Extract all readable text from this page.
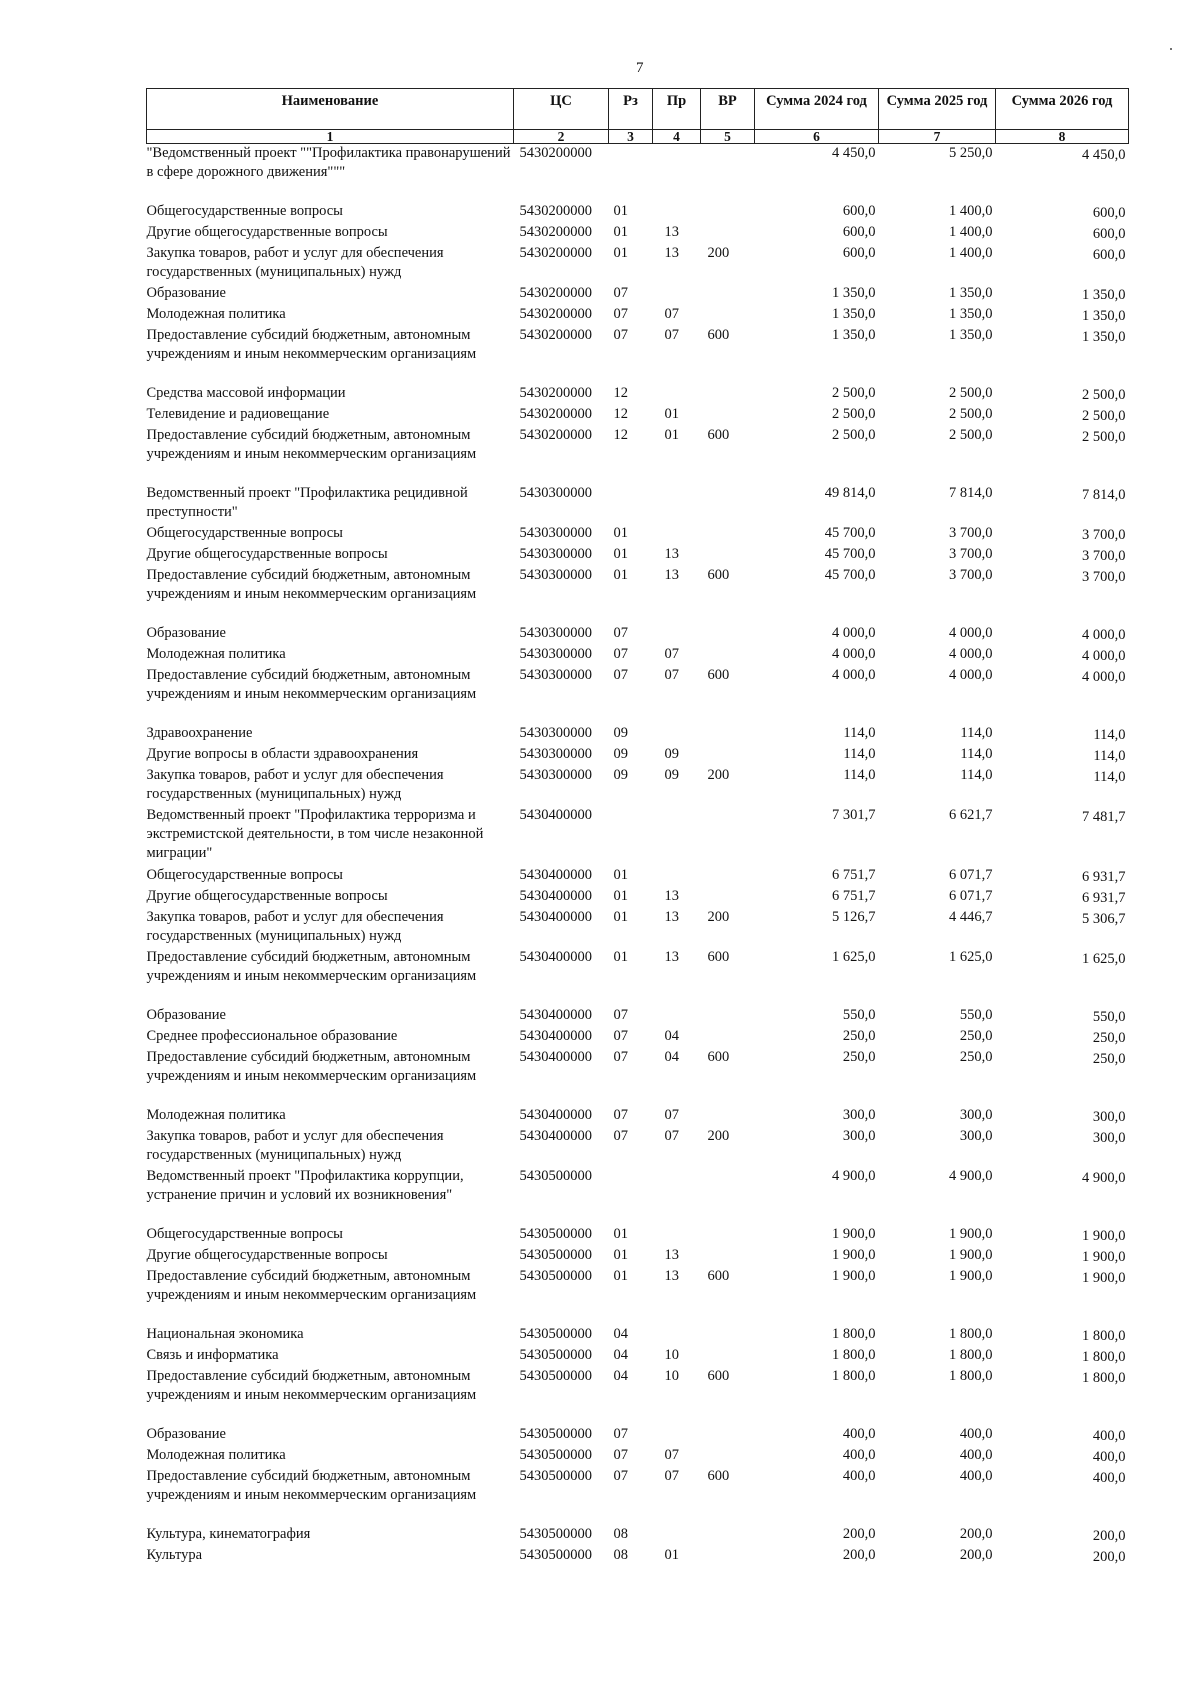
7
Наименование	ЦС	Рз	Пр	ВР	Сумма 2024 год	Сумма 2025 год	Сумма 2026 год
1	2	3	4	5	6	7	8
"Ведомственный проект ""Профилактика правонарушений в сфере дорожного движения"""	5430200000				4 450,0	5 250,0	4 450,0
Общегосударственные вопросы	5430200000	01			600,0	1 400,0	600,0
Другие общегосударственные вопросы	5430200000	01	13		600,0	1 400,0	600,0
Закупка товаров, работ и услуг для обеспечения государственных (муниципальных) нужд	5430200000	01	13	200	600,0	1 400,0	600,0
Образование	5430200000	07			1 350,0	1 350,0	1 350,0
Молодежная политика	5430200000	07	07		1 350,0	1 350,0	1 350,0
Предоставление субсидий бюджетным, автономным учреждениям и иным некоммерческим организациям	5430200000	07	07	600	1 350,0	1 350,0	1 350,0
Средства массовой информации	5430200000	12			2 500,0	2 500,0	2 500,0
Телевидение и радиовещание	5430200000	12	01		2 500,0	2 500,0	2 500,0
Предоставление субсидий бюджетным, автономным учреждениям и иным некоммерческим организациям	5430200000	12	01	600	2 500,0	2 500,0	2 500,0
Ведомственный проект "Профилактика рецидивной преступности"	5430300000				49 814,0	7 814,0	7 814,0
Общегосударственные вопросы	5430300000	01			45 700,0	3 700,0	3 700,0
Другие общегосударственные вопросы	5430300000	01	13		45 700,0	3 700,0	3 700,0
Предоставление субсидий бюджетным, автономным учреждениям и иным некоммерческим организациям	5430300000	01	13	600	45 700,0	3 700,0	3 700,0
Образование	5430300000	07			4 000,0	4 000,0	4 000,0
Молодежная политика	5430300000	07	07		4 000,0	4 000,0	4 000,0
Предоставление субсидий бюджетным, автономным учреждениям и иным некоммерческим организациям	5430300000	07	07	600	4 000,0	4 000,0	4 000,0
Здравоохранение	5430300000	09			114,0	114,0	114,0
Другие вопросы в области здравоохранения	5430300000	09	09		114,0	114,0	114,0
Закупка товаров, работ и услуг для обеспечения государственных (муниципальных) нужд	5430300000	09	09	200	114,0	114,0	114,0
Ведомственный проект "Профилактика терроризма и экстремистской деятельности, в том числе незаконной миграции"	5430400000				7 301,7	6 621,7	7 481,7
Общегосударственные вопросы	5430400000	01			6 751,7	6 071,7	6 931,7
Другие общегосударственные вопросы	5430400000	01	13		6 751,7	6 071,7	6 931,7
Закупка товаров, работ и услуг для обеспечения государственных (муниципальных) нужд	5430400000	01	13	200	5 126,7	4 446,7	5 306,7
Предоставление субсидий бюджетным, автономным учреждениям и иным некоммерческим организациям	5430400000	01	13	600	1 625,0	1 625,0	1 625,0
Образование	5430400000	07			550,0	550,0	550,0
Среднее профессиональное образование	5430400000	07	04		250,0	250,0	250,0
Предоставление субсидий бюджетным, автономным учреждениям и иным некоммерческим организациям	5430400000	07	04	600	250,0	250,0	250,0
Молодежная политика	5430400000	07	07		300,0	300,0	300,0
Закупка товаров, работ и услуг для обеспечения государственных (муниципальных) нужд	5430400000	07	07	200	300,0	300,0	300,0
Ведомственный проект "Профилактика коррупции, устранение причин и условий их возникновения"	5430500000				4 900,0	4 900,0	4 900,0
Общегосударственные вопросы	5430500000	01			1 900,0	1 900,0	1 900,0
Другие общегосударственные вопросы	5430500000	01	13		1 900,0	1 900,0	1 900,0
Предоставление субсидий бюджетным, автономным учреждениям и иным некоммерческим организациям	5430500000	01	13	600	1 900,0	1 900,0	1 900,0
Национальная экономика	5430500000	04			1 800,0	1 800,0	1 800,0
Связь и информатика	5430500000	04	10		1 800,0	1 800,0	1 800,0
Предоставление субсидий бюджетным, автономным учреждениям и иным некоммерческим организациям	5430500000	04	10	600	1 800,0	1 800,0	1 800,0
Образование	5430500000	07			400,0	400,0	400,0
Молодежная политика	5430500000	07	07		400,0	400,0	400,0
Предоставление субсидий бюджетным, автономным учреждениям и иным некоммерческим организациям	5430500000	07	07	600	400,0	400,0	400,0
Культура, кинематография	5430500000	08			200,0	200,0	200,0
Культура	5430500000	08	01		200,0	200,0	200,0
